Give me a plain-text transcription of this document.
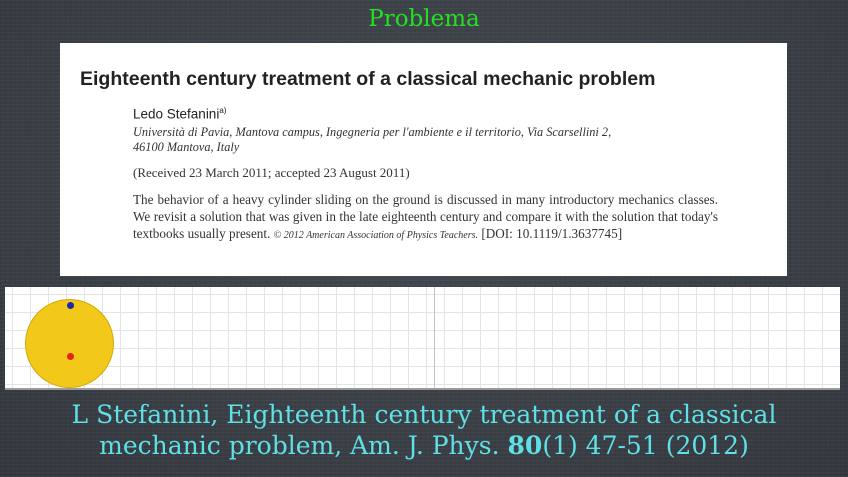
Problema
Eighteenth century treatment of a classical mechanic problem
Ledo Stefanini$^{a)}$
Università di Pavia, Mantova campus, Ingegneria per l'ambiente e il territorio, Via Scarsellini 2,
46100 Mantova, Italy
(Received 23 March 2011; accepted 23 August 2011)
The behavior of a heavy cylinder sliding on the ground is discussed in many introductory mechanics classes. We revisit a solution that was given in the late eighteenth century and compare it with the solution that today's textbooks usually present. © 2012 American Association of Physics Teachers. [DOI: 10.1119/1.3637745]
L Stefanini, Eighteenth century treatment of a classical
mechanic problem, Am. J. Phys. 80(1) 47-51 (2012)
